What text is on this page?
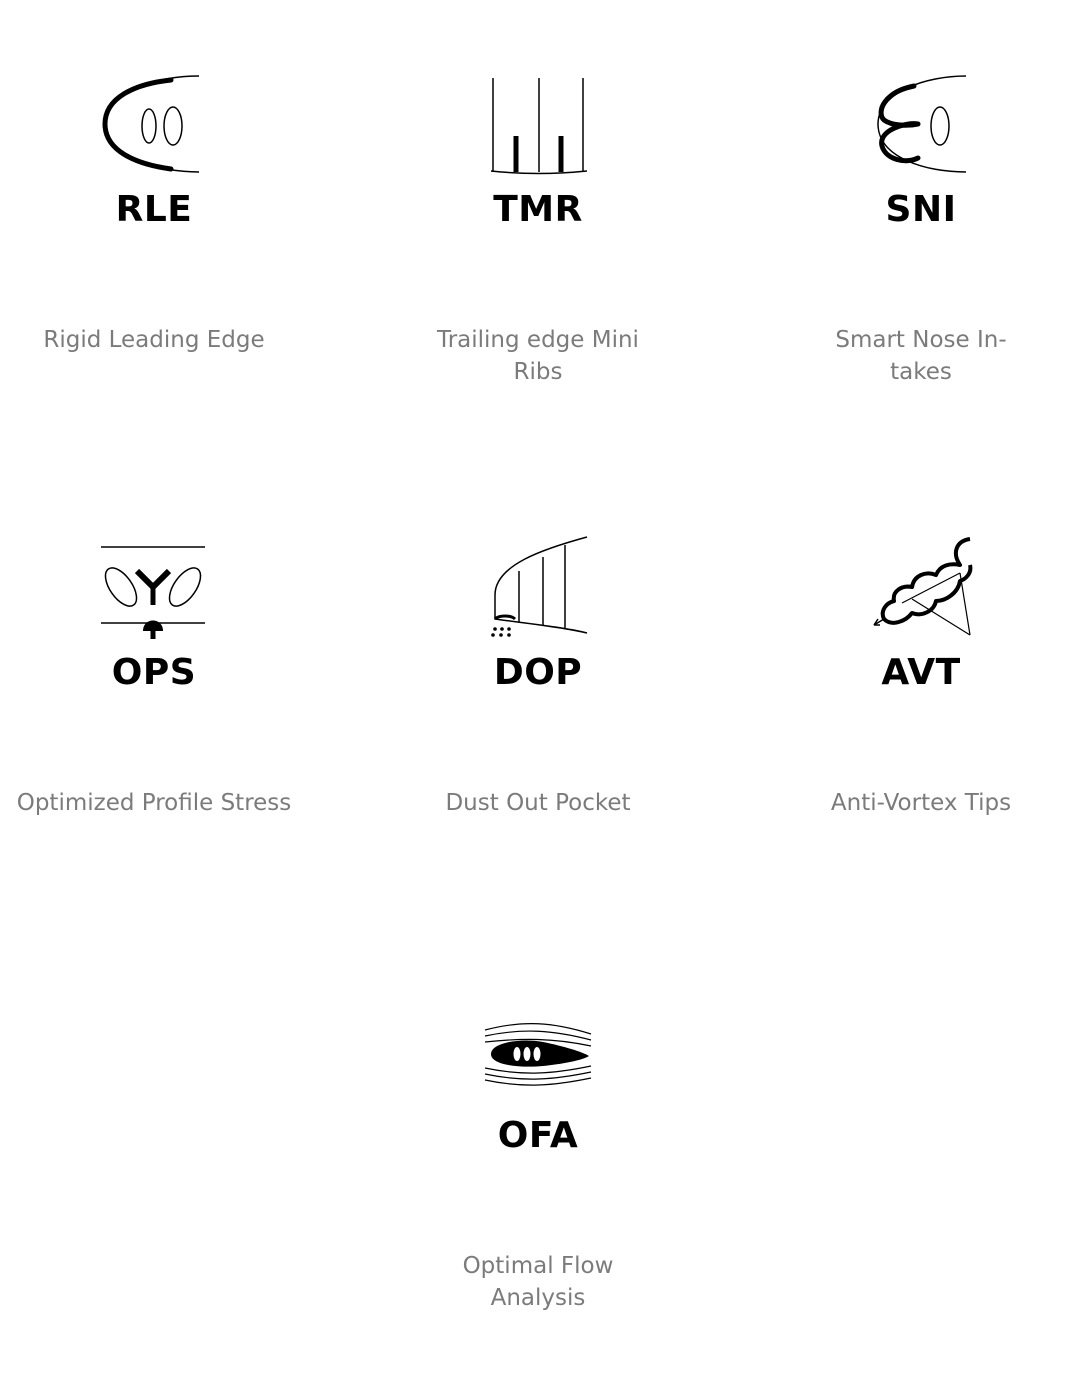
RLE
Rigid Leading Edge
TMR
Trailing edge Mini Ribs
SNI
Smart Nose In-takes
OPS
Optimized Profile Stress
DOP
Dust Out Pocket
AVT
Anti-Vortex Tips
OFA
Optimal Flow Analysis
